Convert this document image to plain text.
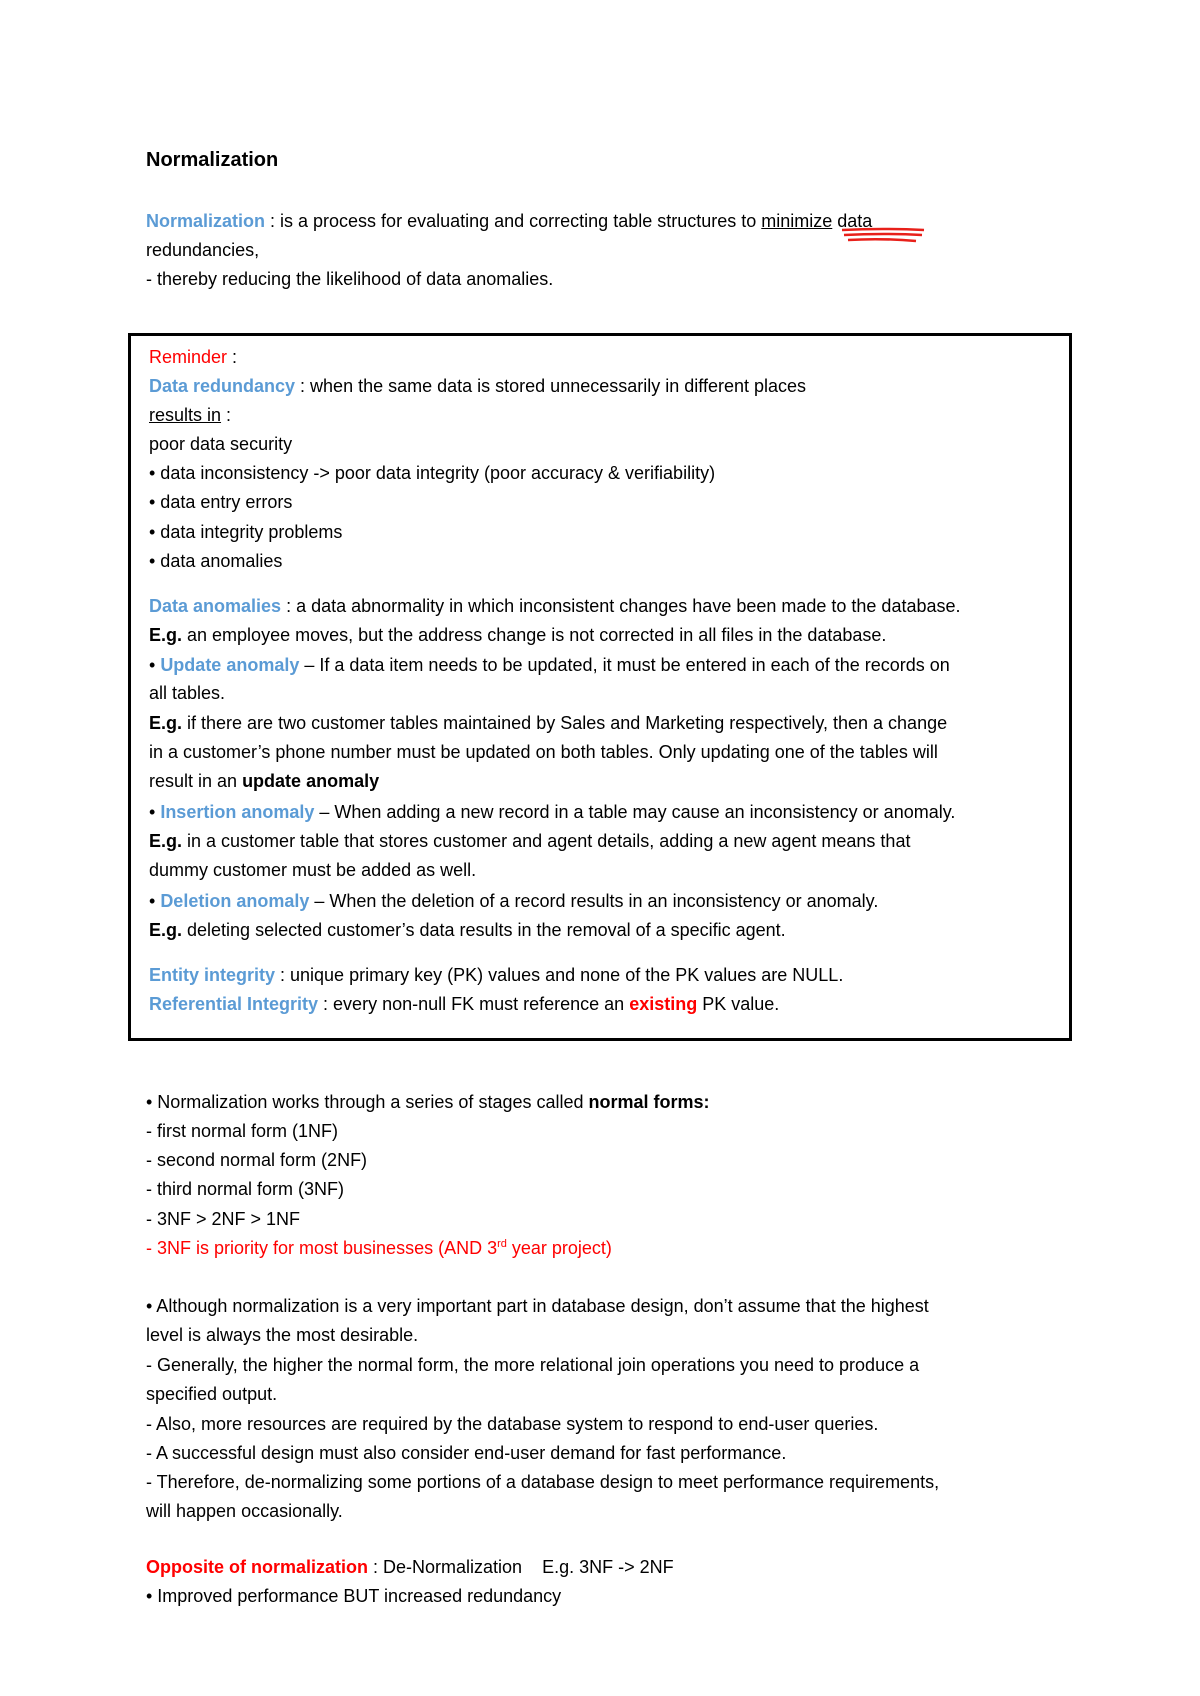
Normalization
Normalization : is a process for evaluating and correcting table structures to minimize data
redundancies,
- thereby reducing the likelihood of data anomalies.
Reminder :
Data redundancy : when the same data is stored unnecessarily in different places
results in :
poor data security
• data inconsistency -> poor data integrity (poor accuracy & verifiability)
• data entry errors
• data integrity problems
• data anomalies
Data anomalies : a data abnormality in which inconsistent changes have been made to the database.
E.g. an employee moves, but the address change is not corrected in all files in the database.
• Update anomaly – If a data item needs to be updated, it must be entered in each of the records on
all tables.
E.g. if there are two customer tables maintained by Sales and Marketing respectively, then a change
in a customer’s phone number must be updated on both tables. Only updating one of the tables will
result in an update anomaly
• Insertion anomaly – When adding a new record in a table may cause an inconsistency or anomaly.
E.g. in a customer table that stores customer and agent details, adding a new agent means that
dummy customer must be added as well.
• Deletion anomaly – When the deletion of a record results in an inconsistency or anomaly.
E.g. deleting selected customer’s data results in the removal of a specific agent.
Entity integrity : unique primary key (PK) values and none of the PK values are NULL.
Referential Integrity : every non-null FK must reference an existing PK value.
• Normalization works through a series of stages called normal forms:
- first normal form (1NF)
- second normal form (2NF)
- third normal form (3NF)
- 3NF > 2NF > 1NF
- 3NF is priority for most businesses (AND 3rd year project)
• Although normalization is a very important part in database design, don’t assume that the highest
level is always the most desirable.
- Generally, the higher the normal form, the more relational join operations you need to produce a
specified output.
- Also, more resources are required by the database system to respond to end-user queries.
- A successful design must also consider end-user demand for fast performance.
- Therefore, de-normalizing some portions of a database design to meet performance requirements,
will happen occasionally.
Opposite of normalization : De-Normalization    E.g. 3NF -> 2NF
• Improved performance BUT increased redundancy
